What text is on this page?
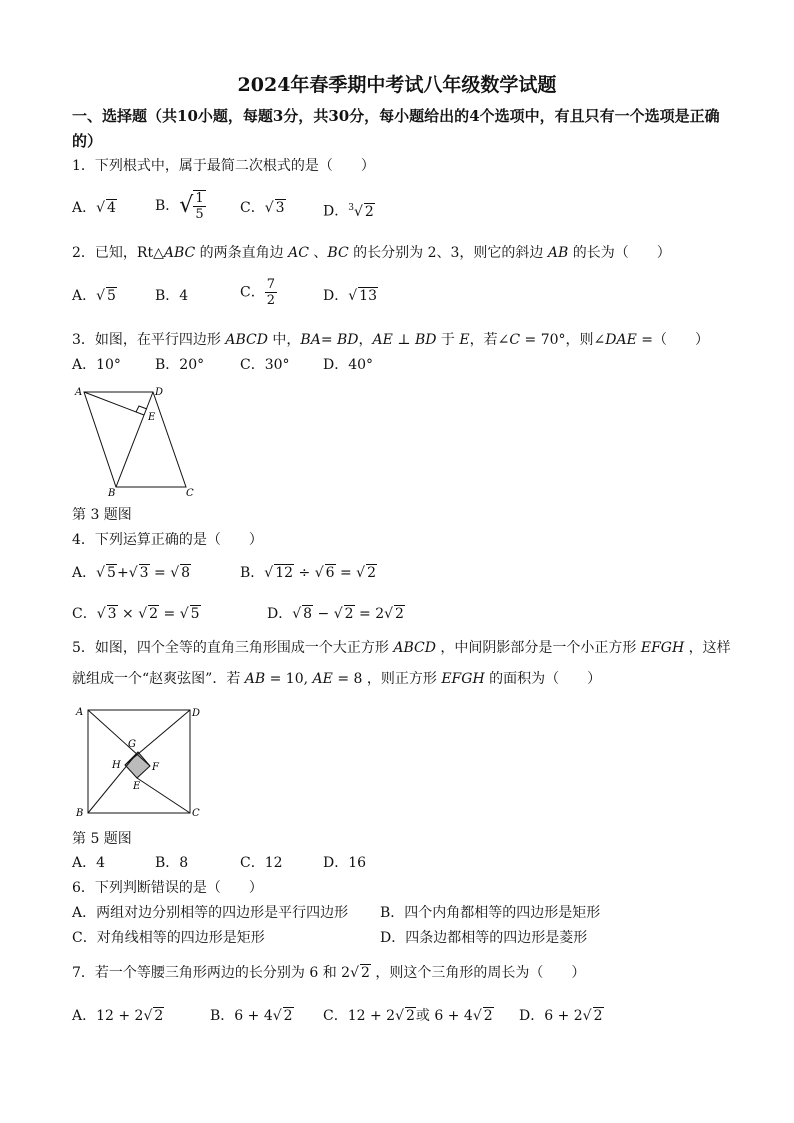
2024年春季期中考试八年级数学试题
一、选择题（共10小题，每题3分，共30分，每小题给出的4个选项中，有且只有一个选项是正确的）
1．下列根式中，属于最简二次根式的是（　　）
A．√ 4	B．√ $\frac{1}{5}$ C．√ 3	D．$^3$√ 2
2．已知，Rt△ABC 的两条直角边 AC 、BC 的长分别为 2、3，则它的斜边 AB 的长为（　　）
A．√ 5	B．4	C． $\frac{7}{2}$	D．√ 13
3．如图，在平行四边形 ABCD 中，BA= BD，AE ⊥ BD 于 E，若∠C = 70°，则∠DAE =（　　）
A．10° B．20°	C．30° D．40°
A	D
E
B	C
第 3 题图
4．下列运算正确的是（　　）
A．√ 5+√ 3 = √ 8	B．√ 12 ÷ √ 6 = √ 2
C．√ 3 × √ 2 = √ 5	D．√ 8 − √ 2 = 2√ 2
5．如图，四个全等的直角三角形围成一个大正方形 ABCD ，中间阴影部分是一个小正方形 EFGH ，这样
就组成一个“赵爽弦图”．若 AB = 10, AE = 8 ，则正方形 EFGH 的面积为（　　）
A	D
B	C
G
H	F
E
第 5 题图
A．4	B．8	C．12	D．16
6．下列判断错误的是（　　）
A．两组对边分别相等的四边形是平行四边形 B．四个内角都相等的四边形是矩形
C．对角线相等的四边形是矩形	D．四条边都相等的四边形是菱形
7．若一个等腰三角形两边的长分别为 6 和 2√ 2 ，则这个三角形的周长为（　　）
A．12 + 2√ 2	B．6 + 4√ 2 C．12 + 2√ 2或 6 + 4√ 2 D．6 + 2√ 2
